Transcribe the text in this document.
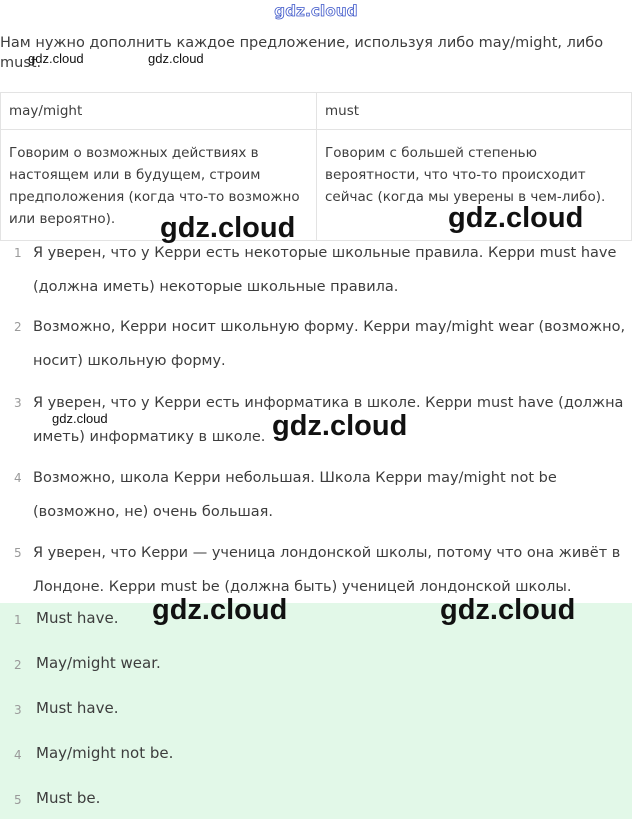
gdz.cloud
Нам нужно дополнить каждое предложение, используя либо may/might, либо must.
may/might	must
Говорим о возможных действиях в настоящем или в будущем, строим предположения (когда что-то возможно или вероятно).	Говорим с большей степенью вероятности, что что-то происходит сейчас (когда мы уверены в чем-либо).
1 Я уверен, что у Керри есть некоторые школьные правила. Керри must have (должна иметь) некоторые школьные правила.
2 Возможно, Керри носит школьную форму. Керри may/might wear (возможно, носит) школьную форму.
3 Я уверен, что у Керри есть информатика в школе. Керри must have (должна иметь) информатику в школе.
4 Возможно, школа Керри небольшая. Школа Керри may/might not be (возможно, не) очень большая.
5 Я уверен, что Керри — ученица лондонской школы, потому что она живёт в Лондоне. Керри must be (должна быть) ученицей лондонской школы.
1 Must have.
2 May/might wear.
3 Must have.
4 May/might not be.
5 Must be.
gdz.cloud	gdz.cloud
gdz.cloud	gdz.cloud
gdz.cloud	gdz.cloud
gdz.cloud	gdz.cloud
